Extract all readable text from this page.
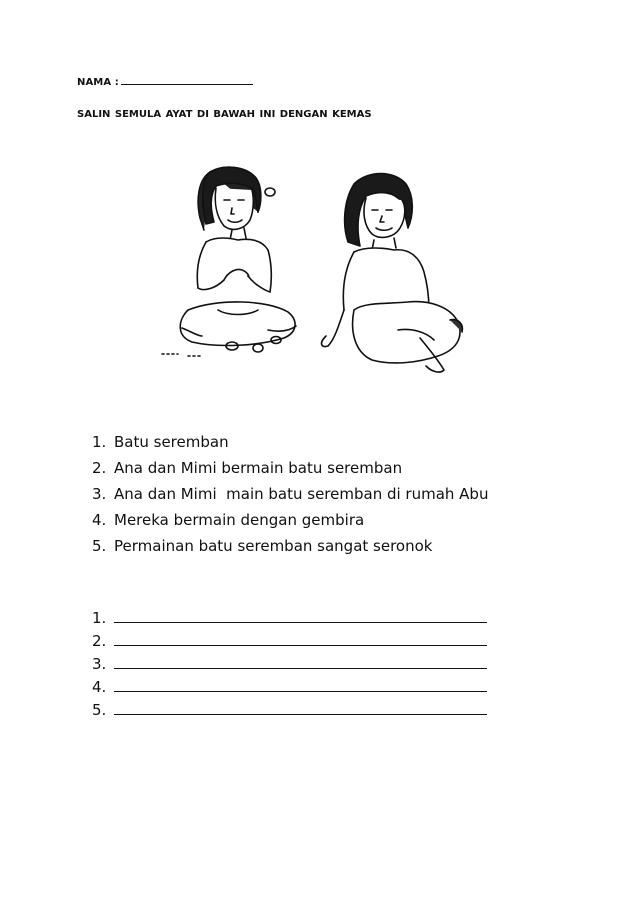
NAMA :
SALIN SEMULA AYAT DI BAWAH INI DENGAN KEMAS
1. Batu seremban
2. Ana dan Mimi bermain batu seremban
3. Ana dan Mimi  main batu seremban di rumah Abu
4. Mereka bermain dengan gembira
5. Permainan batu seremban sangat seronok
1.
2.
3.
4.
5.
